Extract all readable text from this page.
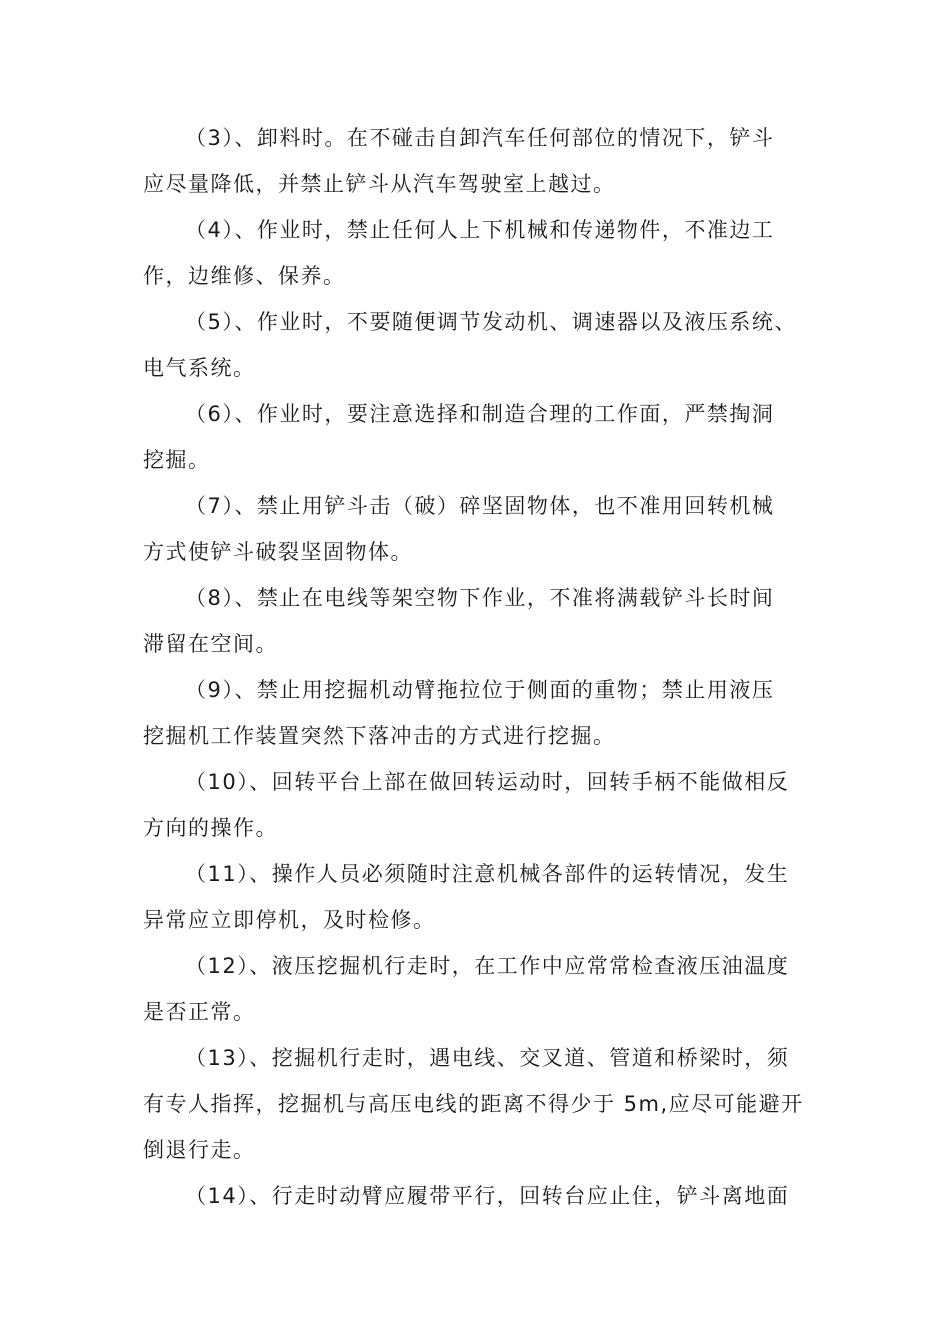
（3）、卸料时。在不碰击自卸汽车任何部位的情况下，铲斗
应尽量降低，并禁止铲斗从汽车驾驶室上越过。

（4）、作业时，禁止任何人上下机械和传递物件，不准边工
作，边维修、保养。

（5）、作业时，不要随便调节发动机、调速器以及液压系统、
电气系统。

（6）、作业时，要注意选择和制造合理的工作面，严禁掏洞
挖掘。

（7）、禁止用铲斗击（破）碎坚固物体，也不准用回转机械
方式使铲斗破裂坚固物体。

（8）、禁止在电线等架空物下作业，不准将满载铲斗长时间
滞留在空间。

（9）、禁止用挖掘机动臂拖拉位于侧面的重物；禁止用液压
挖掘机工作装置突然下落冲击的方式进行挖掘。

（10）、回转平台上部在做回转运动时，回转手柄不能做相反
方向的操作。

（11）、操作人员必须随时注意机械各部件的运转情况，发生
异常应立即停机，及时检修。

（12）、液压挖掘机行走时，在工作中应常常检查液压油温度
是否正常。

（13）、挖掘机行走时，遇电线、交叉道、管道和桥梁时，须
有专人指挥，挖掘机与高压电线的距离不得少于 5m,应尽可能避开
倒退行走。

（14）、行走时动臂应履带平行，回转台应止住，铲斗离地面
